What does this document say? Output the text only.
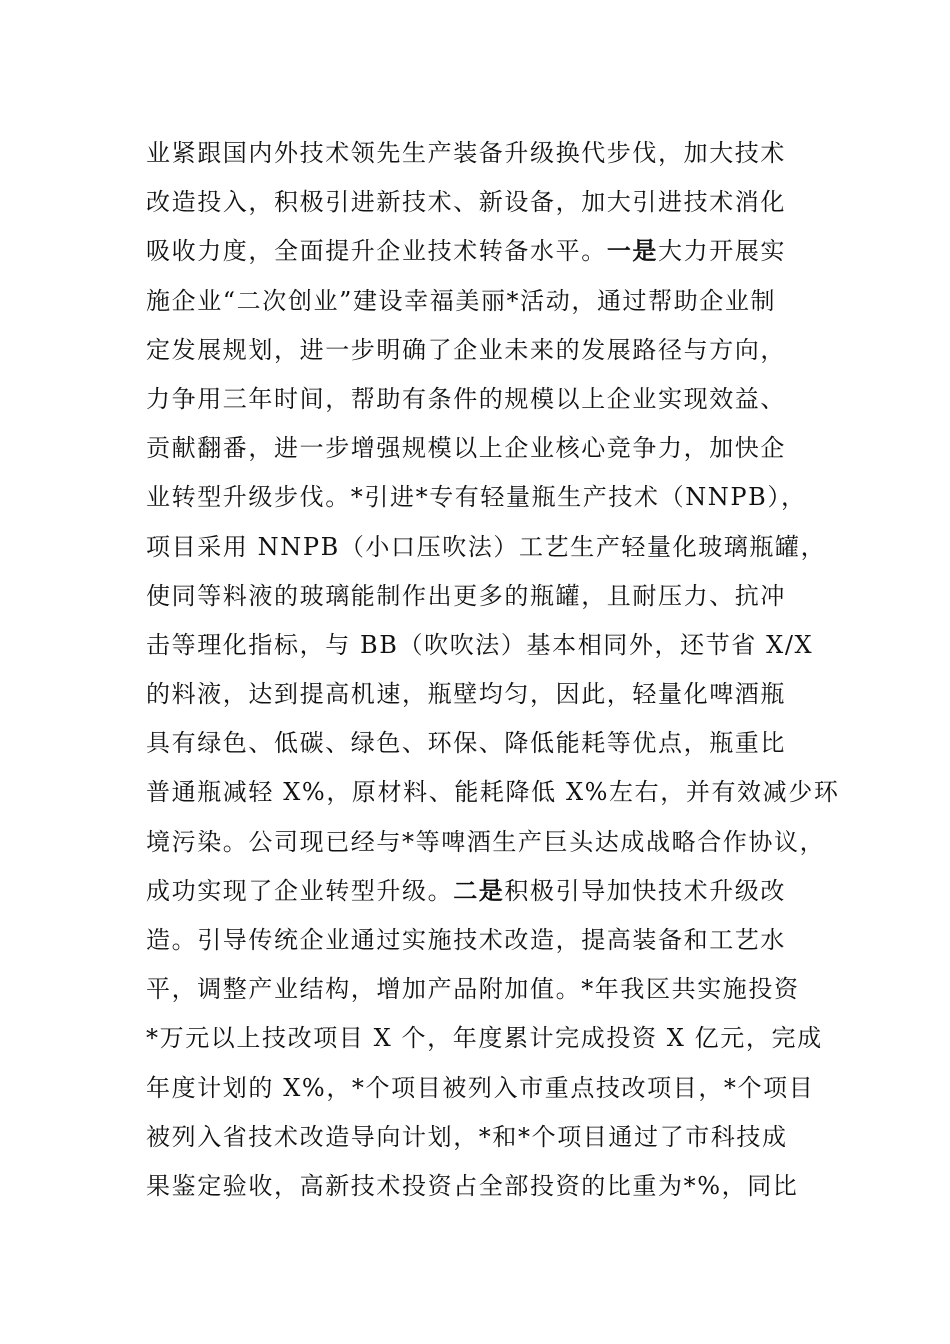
业紧跟国内外技术领先生产装备升级换代步伐，加大技术
改造投入，积极引进新技术、新设备，加大引进技术消化
吸收力度，全面提升企业技术转备水平。一是大力开展实
施企业“二次创业”建设幸福美丽*活动，通过帮助企业制
定发展规划，进一步明确了企业未来的发展路径与方向，
力争用三年时间，帮助有条件的规模以上企业实现效益、
贡献翻番，进一步增强规模以上企业核心竞争力，加快企
业转型升级步伐。*引进*专有轻量瓶生产技术（NNPB），
项目采用 NNPB（小口压吹法）工艺生产轻量化玻璃瓶罐，
使同等料液的玻璃能制作出更多的瓶罐，且耐压力、抗冲
击等理化指标，与 BB（吹吹法）基本相同外，还节省 X/X
的料液，达到提高机速，瓶壁均匀，因此，轻量化啤酒瓶
具有绿色、低碳、绿色、环保、降低能耗等优点，瓶重比
普通瓶减轻 X%，原材料、能耗降低 X%左右，并有效减少环
境污染。公司现已经与*等啤酒生产巨头达成战略合作协议，
成功实现了企业转型升级。二是积极引导加快技术升级改
造。引导传统企业通过实施技术改造，提高装备和工艺水
平，调整产业结构，增加产品附加值。*年我区共实施投资
*万元以上技改项目 X 个，年度累计完成投资 X 亿元，完成
年度计划的 X%，*个项目被列入市重点技改项目，*个项目
被列入省技术改造导向计划，*和*个项目通过了市科技成
果鉴定验收，高新技术投资占全部投资的比重为*%，同比
